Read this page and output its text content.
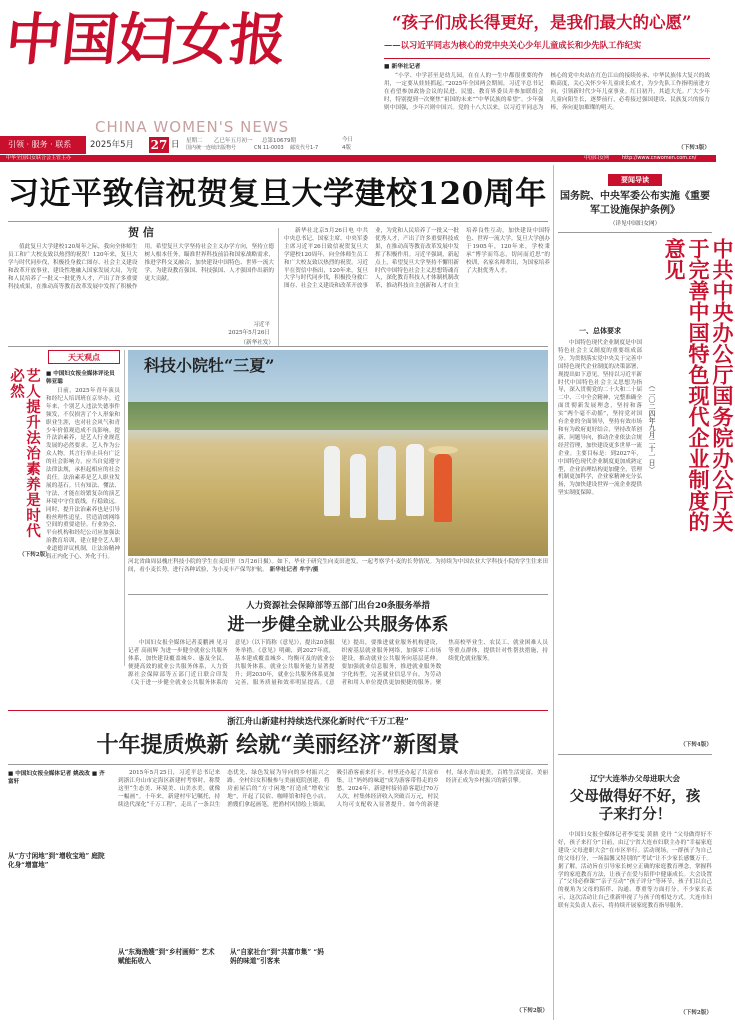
中国妇女报
CHINA WOMEN'S NEWS
引领 · 服务 · 联系	2025年5月	27 日 星期二	乙巳年五月初一	总第10679期
国内统一连续出版物号	CN 11-0003	邮发代号1-7
今日
4版
中华全国妇女联合会主管主办	中国妇女网	http://www.cnwomen.com.cn/
“孩子们成长得更好，是我们最大的心愿”
——以习近平同志为核心的党中央关心少年儿童成长和少先队工作纪实
■ 新华社记者
“小学、中学甚至是幼儿园，在在人的一生中都很重要的作用，一定要从娃娃抓起。”2025年全国两会期间，习近平总书记在看望参加政协会议的民进、民盟、教育界委员并参加联组会时，特别提到一次聚焦“祖国的未来”“中华民族的希望”。少年强则中国强，少年兴则中国兴。党的十八大以来，以习近平同志为核心的党中央站在红色江山的接续传承、中华民族伟大复兴的战略高度，关心关怀少年儿童成长成才，为少先队工作指明前进方向，引领新时代少年儿童事业。红日初升，其道大光。广大少年儿童向阳生长，逐梦前行，必将接过强国建设、民族复兴的接力棒，奔向更加璀璨的明天。
（下转3版）
习近平致信祝贺复旦大学建校120周年
贺 信
值此复旦大学建校120周年之际，我向全体师生员工和广大校友致以热烈的祝贺！120年来，复旦大学与时代同步伐，积极投身救亡图存、社会主义建设和改革开放事业，建设性地融入国家发展大局，为党和人民培养了一批又一批优秀人才，产出了许多重要科技成果，在推动高等教育改革发展中发挥了积极作用。希望复旦大学坚持社会主义办学方向，坚持立德树人根本任务，瞄准世界科技前沿和国家战略需求，推进学科交叉融合，加快建设中国特色、世界一流大学，为建设教育强国、科技强国、人才强国作出新的更大贡献。
习近平
2025年5月26日
（新华社发）
新华社北京5月26日电 中共中央总书记、国家主席、中央军委主席习近平26日致信祝贺复旦大学建校120周年，向全体师生员工和广大校友致以热烈的祝贺。习近平在贺信中指出，120年来，复旦大学与时代同步伐，积极投身救亡图存、社会主义建设和改革开放事业，为党和人民培养了一批又一批优秀人才，产出了许多重要科技成果，在推动高等教育改革发展中发挥了积极作用。习近平强调，新起点上，希望复旦大学坚持不懈用新时代中国特色社会主义思想铸魂育人，深化教育科技人才体制机制改革，推动科技自主创新和人才自主培养良性互动，加快建设中国特色、世界一流大学。复旦大学创办于1905年，120年来，学校秉承“博学而笃志，切问而近思”的校训，名家名师辈出，为国家培养了大批优秀人才。
天天观点
艺人提升法治素养是时代必然	■ 中国妇女报全媒体评论员 韩亚聪
日前，2025年青年演员和经纪人培训班在京举办。近年来，个别艺人违法失德事件频发，不仅损害了个人形象和职业生涯，也对社会风气和青少年价值观造成不良影响。提升法治素养，是艺人行业规范发展的必然要求。艺人作为公众人物，其言行举止具有广泛的社会影响力，应当自觉遵守法律法规，承担起相应的社会责任。法治素养是艺人职业发展的基石。只有知法、懂法、守法，才能在纷繁复杂的演艺环境中守住底线，行稳致远。同时，提升法治素养也是引导粉丝理性追星、营造清朗网络空间的重要途径。行业协会、平台机构和经纪公司应加强法治教育培训，建立健全艺人职业道德评议机制，让法治精神真正内化于心、外化于行。
（下转2版）
科技小院牡“三夏”
河北省曲周县槐庄科技小院的学生在麦田里（5月26日摄）。如下，毕业于研究生向麦田进发，一起考察学小麦的长势情况。为持续为中国农业大学科技小院的学生往来田间，看小麦长势，进行各种试验，为小麦丰产保驾护航。 新华社记者 牟宇/摄
人力资源社会保障部等五部门出台20条服务举措
进一步健全就业公共服务体系
中国妇女报全媒体记者姜鹏洲 见习记者 高雨辉 为进一步健全就业公共服务体系，加快建设覆盖城乡、惠及全民、便捷高效的就业公共服务体系，人力资源社会保障部等五部门近日联合印发《关于进一步健全就业公共服务体系的意见》（以下简称《意见》），提出20条服务举措。《意见》明确，到2027年底，基本建成覆盖城乡、均衡可及的就业公共服务体系，就业公共服务能力显著提升；到2030年，就业公共服务体系更加完善，服务质量和效率明显提高。《意见》提出，要推进就业服务机构建设，织密基层就业服务网络，加强零工市场建设，推动就业公共服务向基层延伸。要加强就业信息服务，推进就业服务数字化转型，完善就业信息平台，为劳动者和用人单位提供更加便捷的服务。聚焦高校毕业生、农民工、就业困难人员等重点群体，提供针对性帮扶措施，持续优化就业服务。
浙江舟山新建村持续迭代深化新时代“千万工程”
十年提质焕新 绘就“美丽经济”新图景
■ 中国妇女报全媒体记者 姚改改 ■ 齐富轩
从“方寸闲地”到“增收宝地” 庭院化身“增富地”
2015年5月25日，习近平总书记来到浙江舟山市定海区新建村考察时，称赞这里“生态美、环境美、山美水美，就像一幅画”。十年来，新建村牢记嘱托，持续迭代深化“千万工程”，走出了一条以生态优先、绿色发展为导向的乡村振兴之路。全村妇女积极参与美丽庭院创建，将房前屋后的“方寸闲地”打造成“增收宝地”，开起了民宿、咖啡馆和特色小店。渔嫂们拿起画笔，把渔村风情绘上墙面，吸引游客前来打卡。村里还办起了共富市集，让“妈妈的味道”成为游客带得走的乡愁。2024年，新建村接待游客超过70万人次，村集体经济收入突破百万元，村民人均可支配收入显著提升。如今的新建村，绿水青山更美，百姓生活更富，美丽经济正成为乡村振兴的新引擎。
从“东海渔嫂”到“乡村画师” 艺术赋能拓收入
从“自家社台”到“共富市集” “妈妈的味道”引客来
（下转2版）
要闻导读
国务院、中央军委公布实施《重要军工设施保护条例》
（详见中国妇女网）
中共中央办公厅国务院办公厅关于完善中国特色现代企业制度的意见
（二〇二四年九月二十一日）
一、总体要求
中国特色现代企业制度是中国特色社会主义制度的重要组成部分。为贯彻落实党中央关于完善中国特色现代企业制度的决策部署，现提出如下意见。坚持以习近平新时代中国特色社会主义思想为指导，深入贯彻党的二十大和二十届二中、三中全会精神，完整准确全面贯彻新发展理念，坚持和落实“两个毫不动摇”，坚持党对国有企业的全面领导，坚持有效市场和有为政府更好结合，坚持改革创新、问题导向，推动企业依法合规经营管理，加快建设更多世界一流企业。主要目标是：到2027年，中国特色现代企业制度更加成熟定型，企业治理结构更加健全，管理机制更加科学，企业家精神充分弘扬，为加快建设世界一流企业提供坚实制度保障。
（下转4版）
辽宁大连举办父母进职大会
父母做得好不好，孩子来打分！
中国妇女报全媒体记者李雯雯 黄鼎 党丹 “父母做得好不好，孩子来打分”日前，由辽宁省大连市妇联主办的“幸福家庭建设·父母进职大会”在市区举行。活动现场，一群孩子为自己的父母打分，一场温馨又特别的“考试”让不少家长感慨万千。据了解，活动旨在引导家长树立正确的家庭教育理念，掌握科学的家庭教育方法，让孩子在爱与陪伴中健康成长。大会设置了“父母必修课”“亲子互动”“孩子评分”等环节，孩子们以自己的视角为父母的陪伴、沟通、尊重等方面打分。不少家长表示，这次活动让自己重新审视了与孩子的相处方式。大连市妇联有关负责人表示，将持续开展家庭教育指导服务。
（下转2版）
